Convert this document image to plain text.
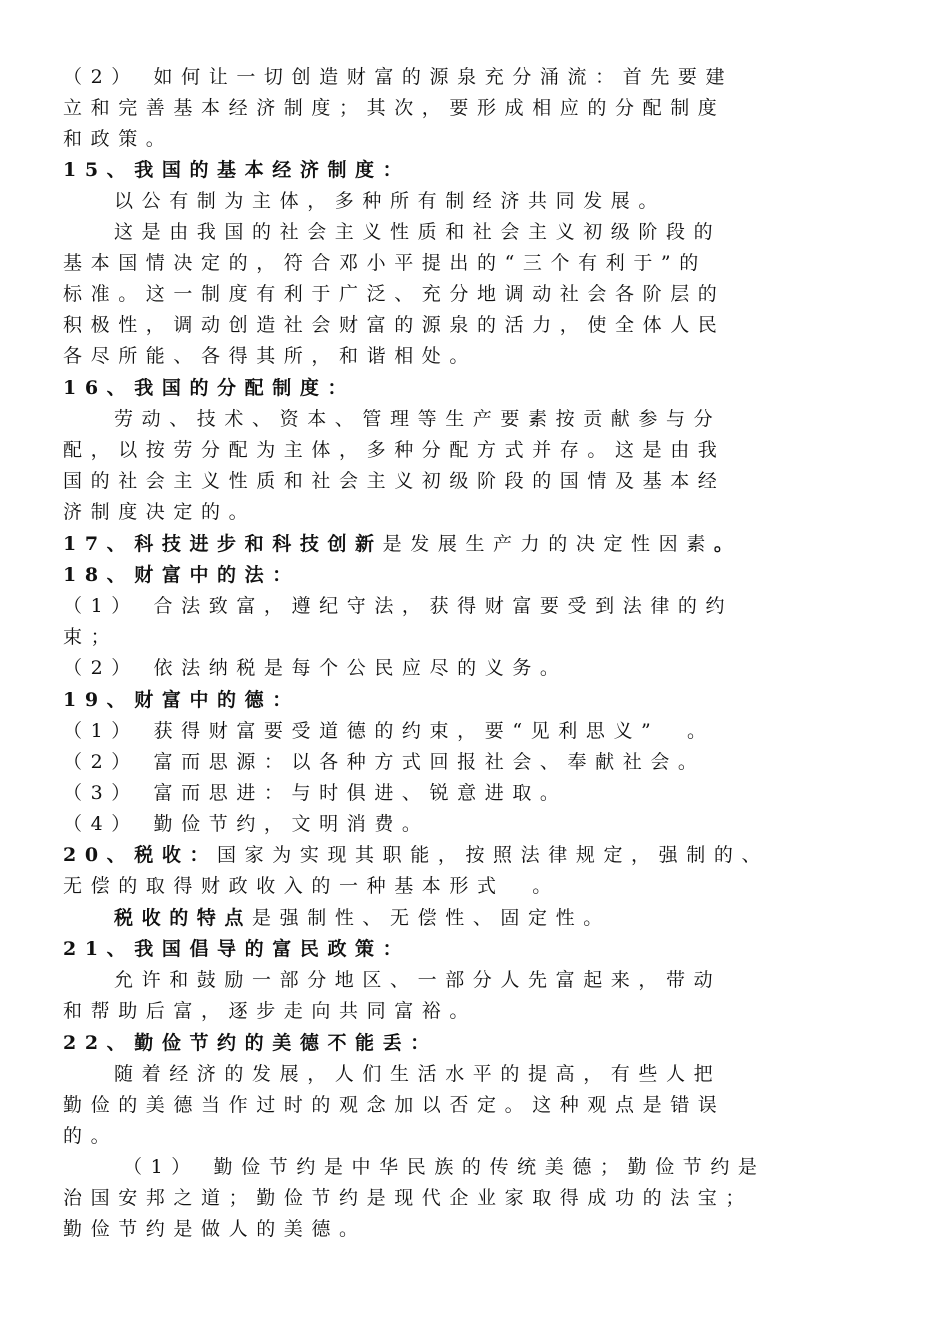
（2） 如何让一切创造财富的源泉充分涌流：首先要建
立和完善基本经济制度；其次，要形成相应的分配制度
和政策。
15、我国的基本经济制度：
以公有制为主体，多种所有制经济共同发展。
这是由我国的社会主义性质和社会主义初级阶段的
基本国情决定的，符合邓小平提出的“三个有利于”的
标准。这一制度有利于广泛、充分地调动社会各阶层的
积极性，调动创造社会财富的源泉的活力，使全体人民
各尽所能、各得其所，和谐相处。
16、我国的分配制度：
劳动、技术、资本、管理等生产要素按贡献参与分
配，以按劳分配为主体，多种分配方式并存。这是由我
国的社会主义性质和社会主义初级阶段的国情及基本经
济制度决定的。
17、科技进步和科技创新是发展生产力的决定性因素。
18、财富中的法：
（1） 合法致富，遵纪守法，获得财富要受到法律的约
束；
（2） 依法纳税是每个公民应尽的义务。
19、财富中的德：
（1） 获得财富要受道德的约束，要“见利思义”　。
（2） 富而思源：以各种方式回报社会、奉献社会。
（3） 富而思进：与时俱进、锐意进取。
（4） 勤俭节约，文明消费。
20、税收：国家为实现其职能，按照法律规定，强制的、
无偿的取得财政收入的一种基本形式　。
税收的特点是强制性、无偿性、固定性。
21、我国倡导的富民政策：
允许和鼓励一部分地区、一部分人先富起来，带动
和帮助后富，逐步走向共同富裕。
22、勤俭节约的美德不能丢：
随着经济的发展，人们生活水平的提高，有些人把
勤俭的美德当作过时的观念加以否定。这种观点是错误
的。
（1） 勤俭节约是中华民族的传统美德；勤俭节约是
治国安邦之道；勤俭节约是现代企业家取得成功的法宝；
勤俭节约是做人的美德。
